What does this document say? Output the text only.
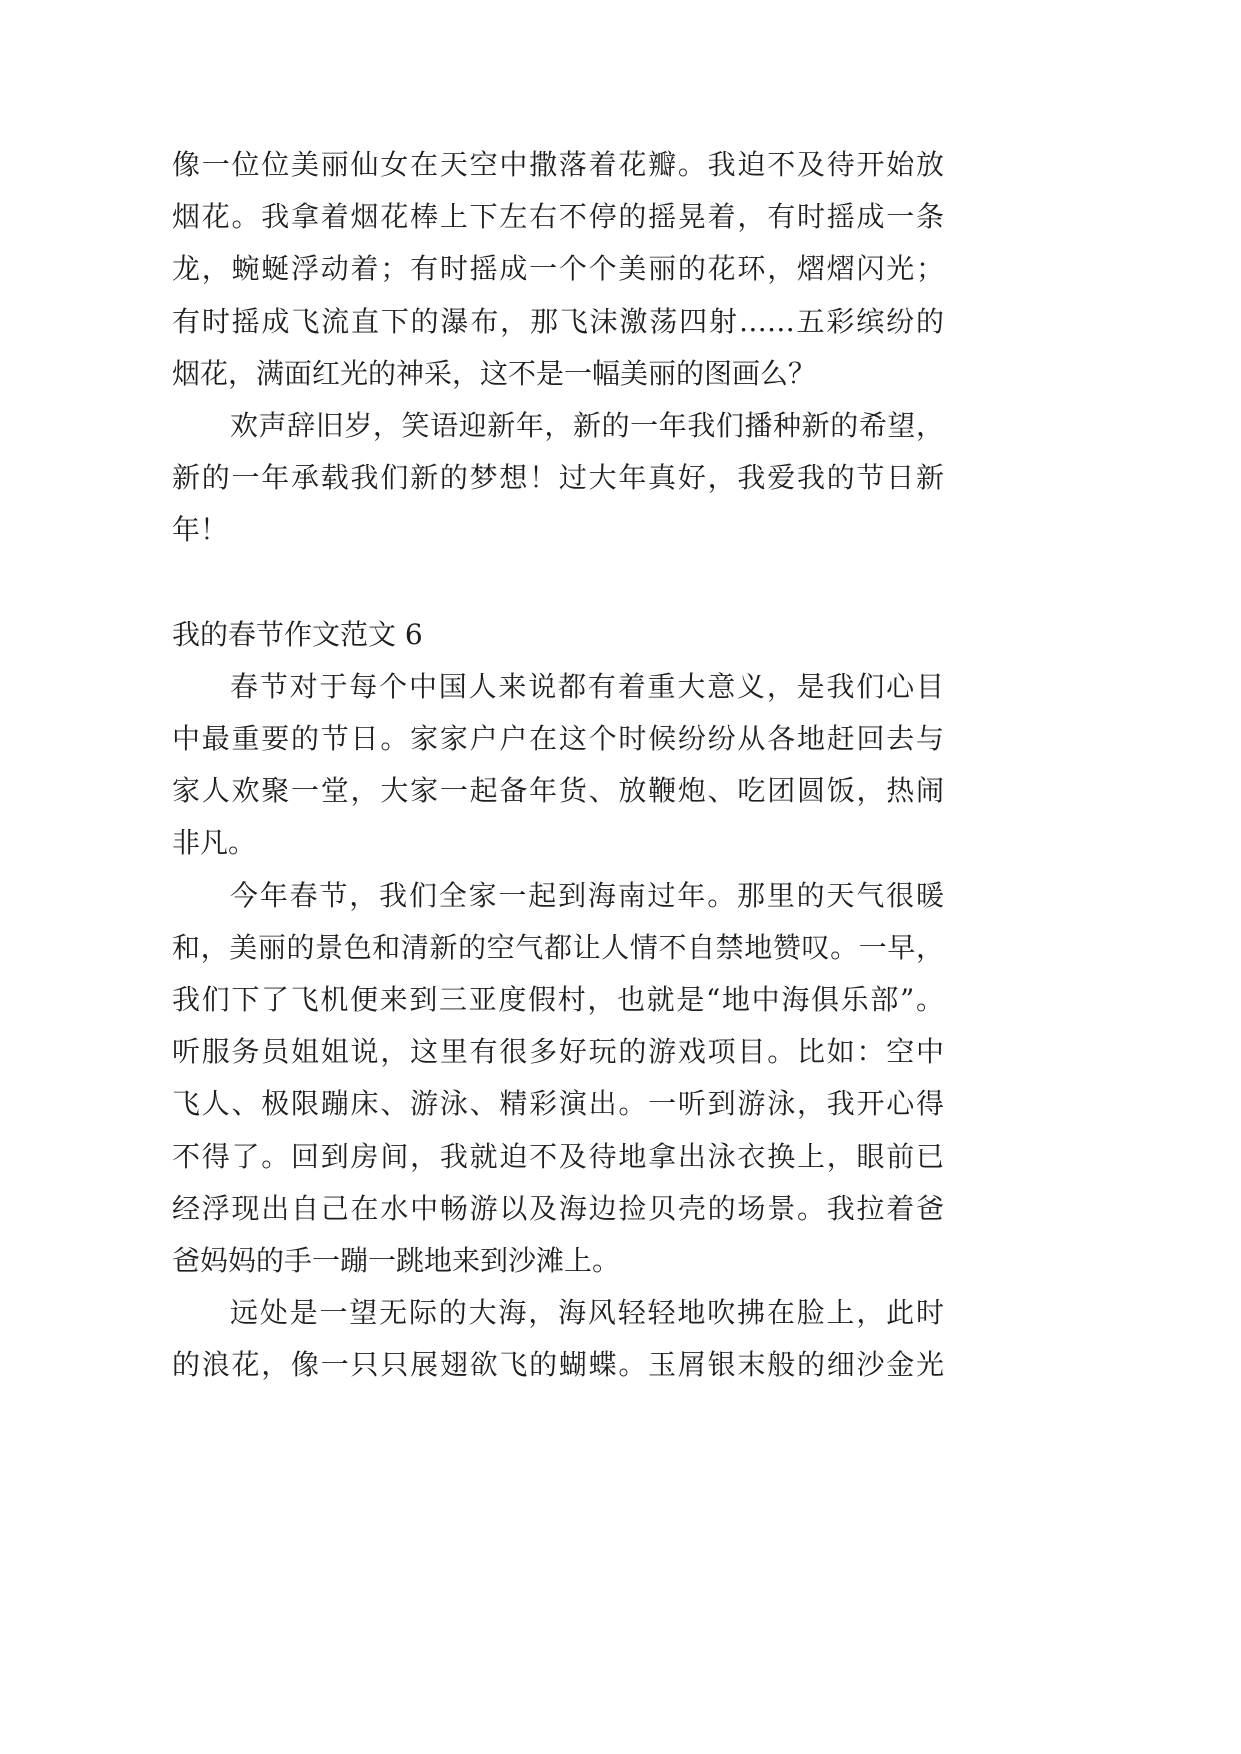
像一位位美丽仙女在天空中撒落着花瓣。我迫不及待开始放
烟花。我拿着烟花棒上下左右不停的摇晃着，有时摇成一条
龙，蜿蜒浮动着；有时摇成一个个美丽的花环，熠熠闪光；
有时摇成飞流直下的瀑布，那飞沫激荡四射……五彩缤纷的
烟花，满面红光的神采，这不是一幅美丽的图画么？
欢声辞旧岁，笑语迎新年，新的一年我们播种新的希望，
新的一年承载我们新的梦想！过大年真好，我爱我的节日新
年！
我的春节作文范文 6
春节对于每个中国人来说都有着重大意义，是我们心目
中最重要的节日。家家户户在这个时候纷纷从各地赶回去与
家人欢聚一堂，大家一起备年货、放鞭炮、吃团圆饭，热闹
非凡。
今年春节，我们全家一起到海南过年。那里的天气很暖
和，美丽的景色和清新的空气都让人情不自禁地赞叹。一早，
我们下了飞机便来到三亚度假村，也就是“地中海俱乐部”。
听服务员姐姐说，这里有很多好玩的游戏项目。比如：空中
飞人、极限蹦床、游泳、精彩演出。一听到游泳，我开心得
不得了。回到房间，我就迫不及待地拿出泳衣换上，眼前已
经浮现出自己在水中畅游以及海边捡贝壳的场景。我拉着爸
爸妈妈的手一蹦一跳地来到沙滩上。
远处是一望无际的大海，海风轻轻地吹拂在脸上，此时
的浪花，像一只只展翅欲飞的蝴蝶。玉屑银末般的细沙金光
